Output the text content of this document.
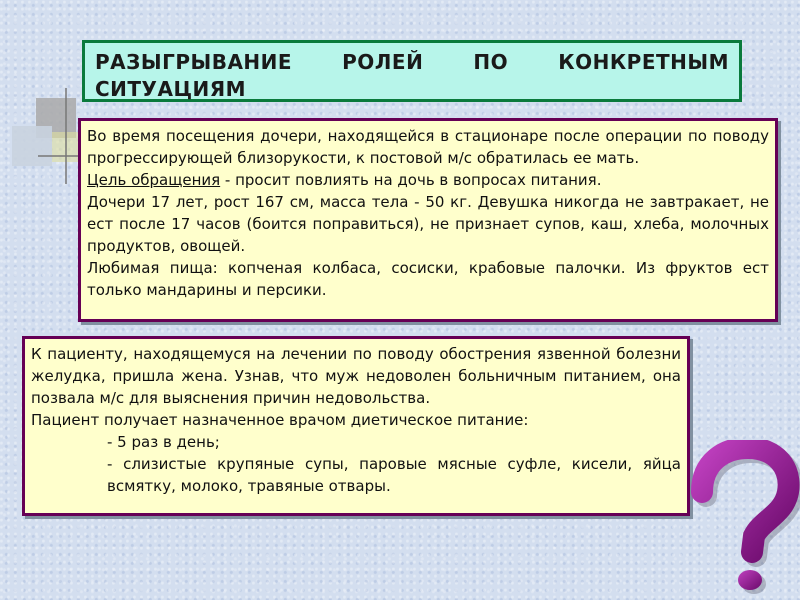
РАЗЫГРЫВАНИЕ РОЛЕЙ ПО КОНКРЕТНЫМ СИТУАЦИЯМ

Во время посещения дочери, находящейся в стационаре после операции по поводу прогрессирующей близорукости, к постовой м/с обратилась ее мать.

Цель обращения - просит повлиять на дочь в вопросах питания.

Дочери 17 лет, рост 167 см, масса тела - 50 кг. Девушка никогда не завтракает, не ест после 17 часов (боится поправиться), не признает супов, каш, хлеба, молочных продуктов, овощей.

Любимая пища: копченая колбаса, сосиски, крабовые палочки. Из фруктов ест только мандарины и персики.

К пациенту, находящемуся на лечении по поводу обострения язвенной болезни желудка, пришла жена. Узнав, что муж недоволен больничным питанием, она позвала м/с для выяснения причин недовольства.

Пациент получает назначенное врачом диетическое питание:

- 5 раз в день;

- слизистые крупяные супы, паровые мясные суфле, кисели, яйца всмятку, молоко, травяные отвары.
